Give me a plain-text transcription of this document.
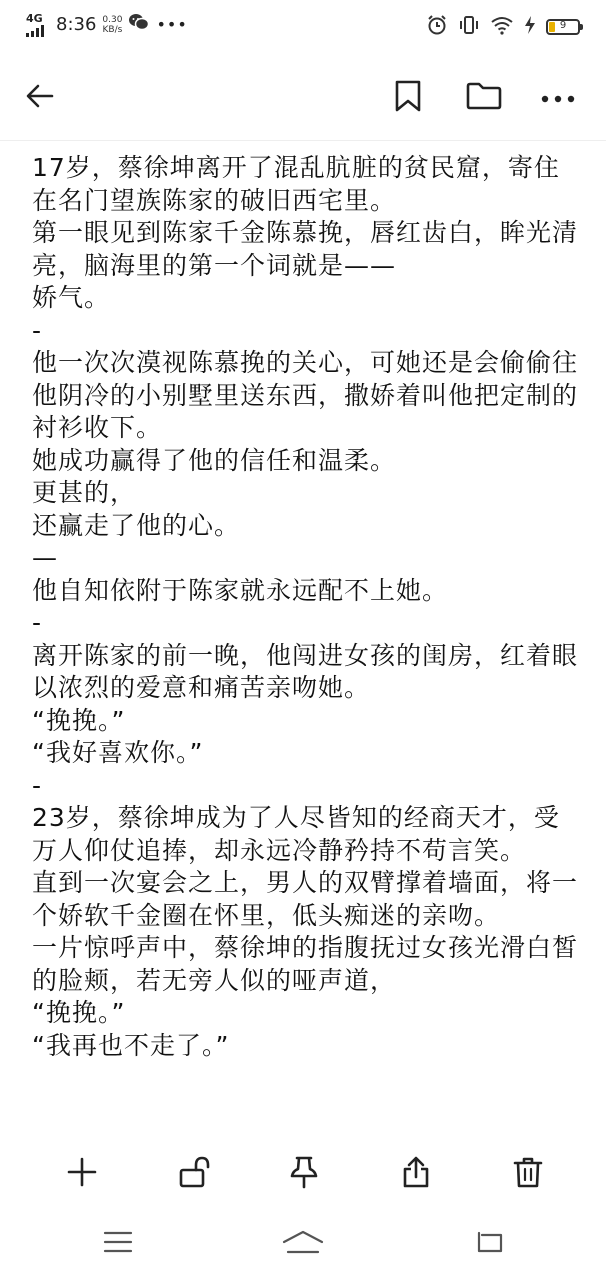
4G 8:36 0.30
KB/s •••	9

17岁，蔡徐坤离开了混乱肮脏的贫民窟，寄住在名门望族陈家的破旧西宅里。

第一眼见到陈家千金陈慕挽，唇红齿白，眸光清亮，脑海里的第一个词就是——

娇气。

-

他一次次漠视陈慕挽的关心，可她还是会偷偷往他阴冷的小别墅里送东西，撒娇着叫他把定制的衬衫收下。

她成功赢得了他的信任和温柔。

更甚的，

还赢走了他的心。

—

他自知依附于陈家就永远配不上她。

-

离开陈家的前一晚，他闯进女孩的闺房，红着眼以浓烈的爱意和痛苦亲吻她。

“挽挽。”

“我好喜欢你。”

-

23岁，蔡徐坤成为了人尽皆知的经商天才，受万人仰仗追捧，却永远冷静矜持不苟言笑。

直到一次宴会之上，男人的双臂撑着墙面，将一个娇软千金圈在怀里，低头痴迷的亲吻。

一片惊呼声中，蔡徐坤的指腹抚过女孩光滑白皙的脸颊，若无旁人似的哑声道，

“挽挽。”

“我再也不走了。”
